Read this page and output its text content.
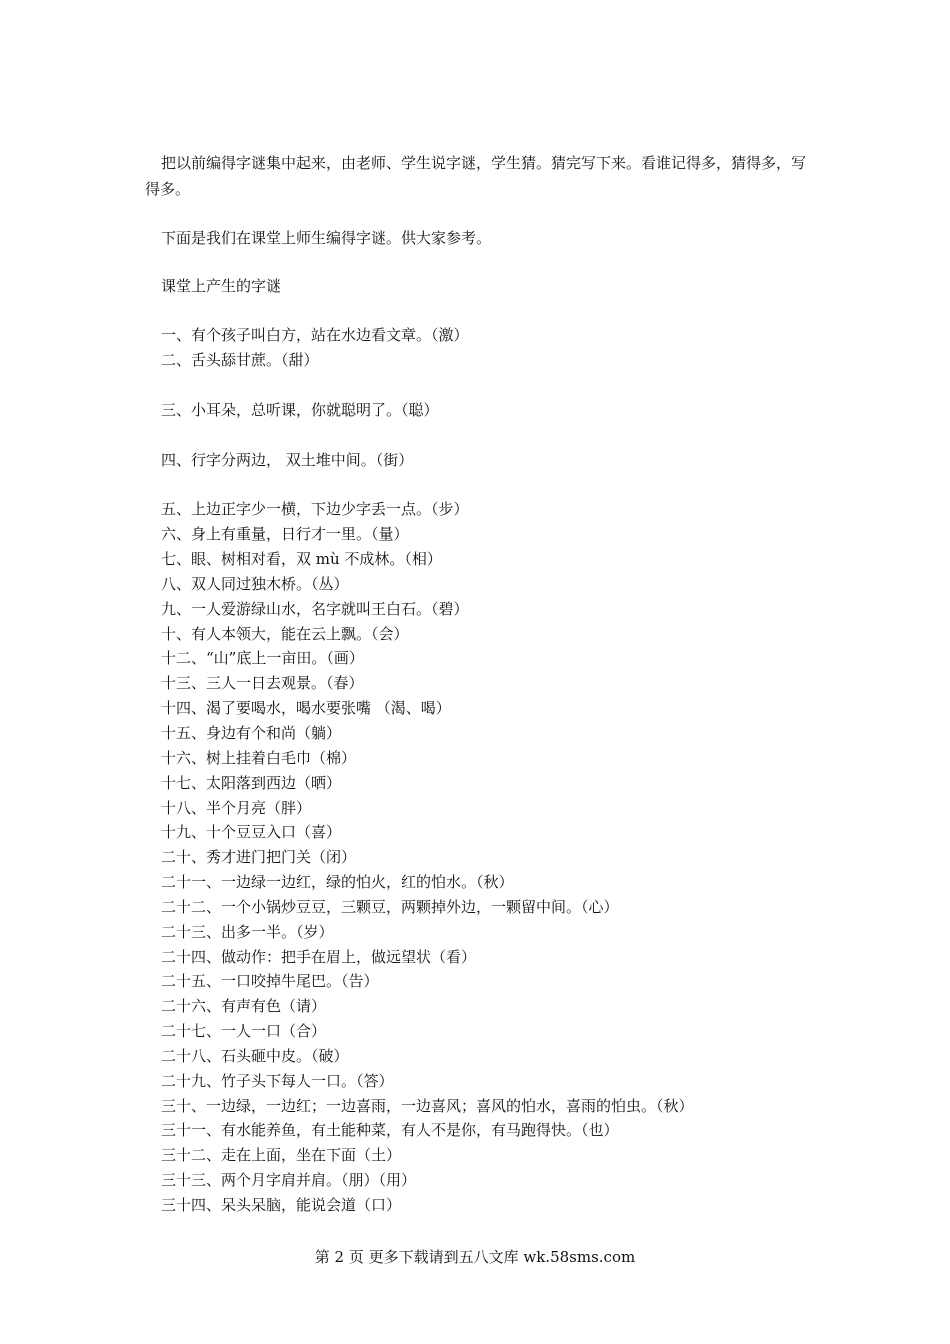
把以前编得字谜集中起来，由老师、学生说字谜，学生猜。猜完写下来。看谁记得多，猜得多，写得多。

下面是我们在课堂上师生编得字谜。供大家参考。

课堂上产生的字谜

一、有个孩子叫白方，站在水边看文章。（激）
二、舌头舔甘蔗。（甜）
三、小耳朵，总听课，你就聪明了。（聪）
四、行字分两边， 双土堆中间。（街）
五、上边正字少一横，下边少字丢一点。（步）
六、身上有重量，日行才一里。（量）
七、眼、树相对看，双 mù 不成林。（相）
八、双人同过独木桥。（丛）
九、一人爱游绿山水，名字就叫王白石。（碧）
十、有人本领大，能在云上飘。（会）
十二、“山”底上一亩田。（画）
十三、三人一日去观景。（春）
十四、渴了要喝水，喝水要张嘴 （渴、喝）
十五、身边有个和尚（躺）
十六、树上挂着白毛巾（棉）
十七、太阳落到西边（晒）
十八、半个月亮（胖）
十九、十个豆豆入口（喜）
二十、秀才进门把门关（闭）
二十一、一边绿一边红，绿的怕火，红的怕水。（秋）
二十二、一个小锅炒豆豆，三颗豆，两颗掉外边，一颗留中间。（心）
二十三、出多一半。（岁）
二十四、做动作：把手在眉上，做远望状（看）
二十五、一口咬掉牛尾巴。（告）
二十六、有声有色（请）
二十七、一人一口（合）
二十八、石头砸中皮。（破）
二十九、竹子头下每人一口。（答）
三十、一边绿，一边红；一边喜雨，一边喜风；喜风的怕水，喜雨的怕虫。（秋）
三十一、有水能养鱼，有土能种菜，有人不是你，有马跑得快。（也）
三十二、走在上面，坐在下面（土）
三十三、两个月字肩并肩。（朋）（用）
三十四、呆头呆脑，能说会道（口）
第 2 页 更多下载请到五八文库 wk.58sms.com
